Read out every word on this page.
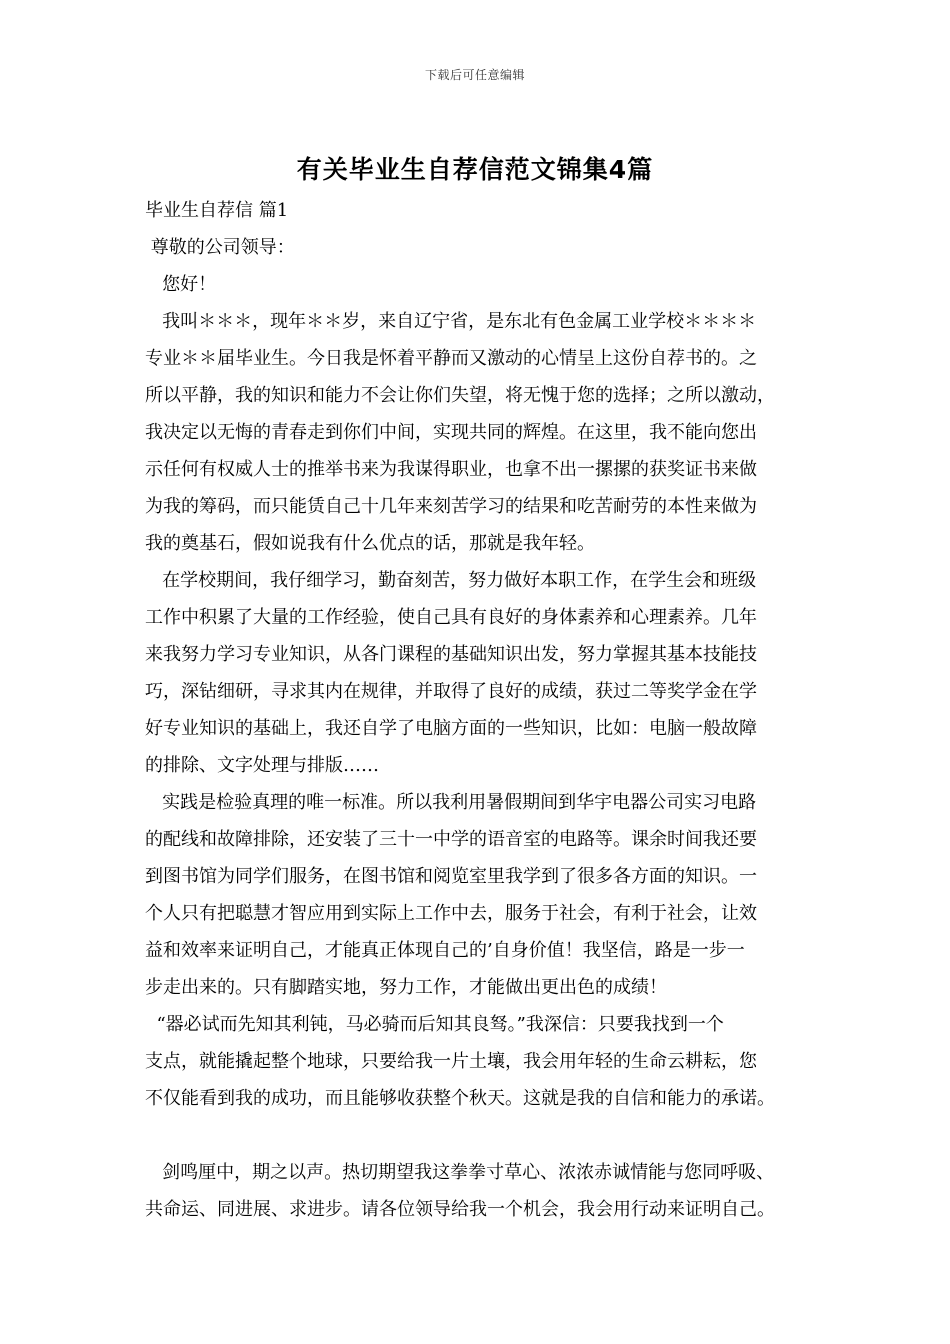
下载后可任意编辑
有关毕业生自荐信范文锦集4篇
毕业生自荐信 篇1
尊敬的公司领导：
您好！
我叫＊＊＊，现年＊＊岁，来自辽宁省，是东北有色金属工业学校＊＊＊＊
专业＊＊届毕业生。今日我是怀着平静而又激动的心情呈上这份自荐书的。之
所以平静，我的知识和能力不会让你们失望，将无愧于您的选择；之所以激动，
我决定以无悔的青春走到你们中间，实现共同的辉煌。在这里，我不能向您出
示任何有权威人士的推举书来为我谋得职业，也拿不出一摞摞的获奖证书来做
为我的筹码，而只能赁自己十几年来刻苦学习的结果和吃苦耐劳的本性来做为
我的奠基石，假如说我有什么优点的话，那就是我年轻。
在学校期间，我仔细学习，勤奋刻苦，努力做好本职工作，在学生会和班级
工作中积累了大量的工作经验，使自己具有良好的身体素养和心理素养。几年
来我努力学习专业知识，从各门课程的基础知识出发，努力掌握其基本技能技
巧，深钻细研，寻求其内在规律，并取得了良好的成绩，获过二等奖学金在学
好专业知识的基础上，我还自学了电脑方面的一些知识，比如：电脑一般故障
的排除、文字处理与排版……
实践是检验真理的唯一标准。所以我利用暑假期间到华宇电器公司实习电路
的配线和故障排除，还安装了三十一中学的语音室的电路等。课余时间我还要
到图书馆为同学们服务，在图书馆和阅览室里我学到了很多各方面的知识。一
个人只有把聪慧才智应用到实际上工作中去，服务于社会，有利于社会，让效
益和效率来证明自己，才能真正体现自己的’自身价值！我坚信，路是一步一
步走出来的。只有脚踏实地，努力工作，才能做出更出色的成绩！
“器必试而先知其利钝，马必骑而后知其良驽。”我深信：只要我找到一个
支点，就能撬起整个地球，只要给我一片土壤，我会用年轻的生命云耕耘，您
不仅能看到我的成功，而且能够收获整个秋天。这就是我的自信和能力的承诺。
剑鸣厘中，期之以声。热切期望我这拳拳寸草心、浓浓赤诚情能与您同呼吸、
共命运、同进展、求进步。请各位领导给我一个机会，我会用行动来证明自己。
